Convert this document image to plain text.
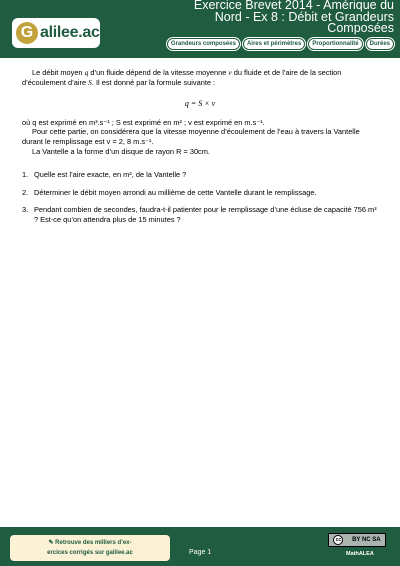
G alilee.ac
Exercice Brevet 2014 - Amérique du
Nord - Ex 8 : Débit et Grandeurs
Composées
Grandeurs composées	Aires et périmètres	Proportionnalité	Durées

Le débit moyen q d’un fluide dépend de la vitesse moyenne v du fluide et de l’aire de la section d’écoulement d’aire S. Il est donné par la formule suivante :

q = S × v

où q est exprimé en m³.s⁻¹ ; S est exprimé en m² ; v est exprimé en m.s⁻¹.

Pour cette partie, on considérera que la vitesse moyenne d’écoulement de l’eau à travers la Vantelle durant le remplissage est v = 2, 8 m.s⁻¹.

La Vantelle a la forme d’un disque de rayon R = 30cm.

1. Quelle est l’aire exacte, en m², de la Vantelle ?
2. Déterminer le débit moyen arrondi au millième de cette Vantelle durant le remplissage.
3. Pendant combien de secondes, faudra-t-il patienter pour le remplissage d’une écluse de capacité 756 m³ ? Est-ce qu’on attendra plus de 15 minutes ?
✎ Retrouve des milliers d’ex-
ercices corrigés sur galilee.ac	Page 1
cc	BY NC SA
MathALEA
